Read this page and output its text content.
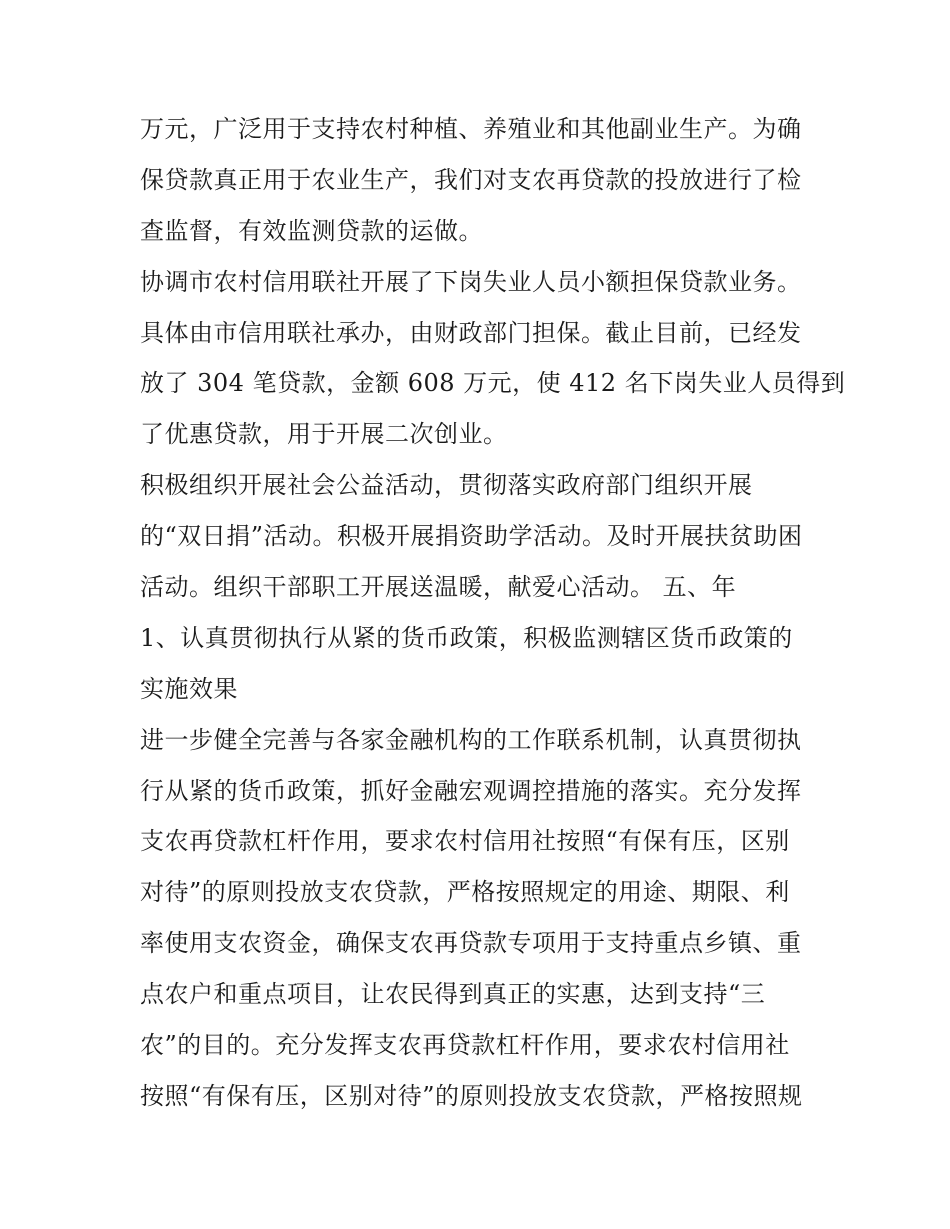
万元，广泛用于支持农村种植、养殖业和其他副业生产。为确
保贷款真正用于农业生产，我们对支农再贷款的投放进行了检
查监督，有效监测贷款的运做。
协调市农村信用联社开展了下岗失业人员小额担保贷款业务。
具体由市信用联社承办，由财政部门担保。截止目前，已经发
放了 304 笔贷款，金额 608 万元，使 412 名下岗失业人员得到
了优惠贷款，用于开展二次创业。
积极组织开展社会公益活动，贯彻落实政府部门组织开展
的“双日捐”活动。积极开展捐资助学活动。及时开展扶贫助困
活动。组织干部职工开展送温暖，献爱心活动。 五、年
1、认真贯彻执行从紧的货币政策，积极监测辖区货币政策的
实施效果
进一步健全完善与各家金融机构的工作联系机制，认真贯彻执
行从紧的货币政策，抓好金融宏观调控措施的落实。充分发挥
支农再贷款杠杆作用，要求农村信用社按照“有保有压，区别
对待”的原则投放支农贷款，严格按照规定的用途、期限、利
率使用支农资金，确保支农再贷款专项用于支持重点乡镇、重
点农户和重点项目，让农民得到真正的实惠，达到支持“三
农”的目的。充分发挥支农再贷款杠杆作用，要求农村信用社
按照“有保有压，区别对待”的原则投放支农贷款，严格按照规
